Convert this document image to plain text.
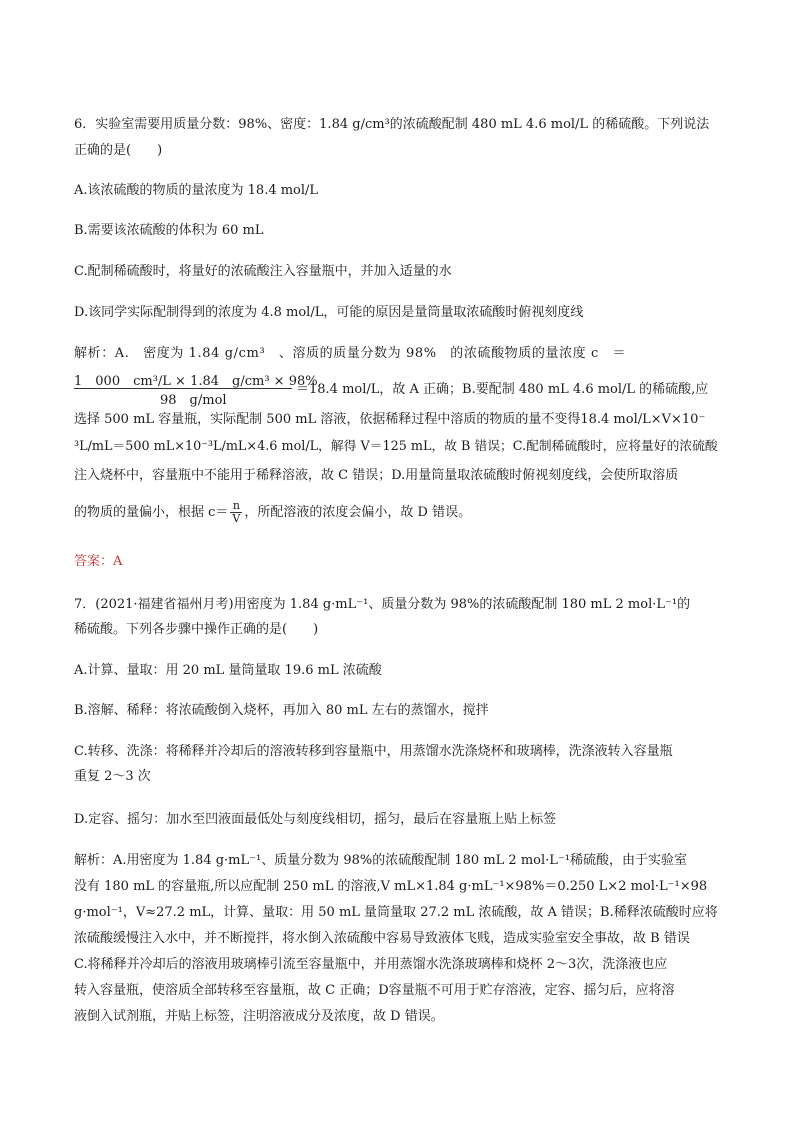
6．实验室需要用质量分数：98%、密度：1.84 g/cm³的浓硫酸配制 480 mL 4.6 mol/L 的稀硫酸。下列说法
正确的是(　　)
A.该浓硫酸的物质的量浓度为 18.4 mol/L
B.需要该浓硫酸的体积为 60 mL
C.配制稀硫酸时，将量好的浓硫酸注入容量瓶中，并加入适量的水
D.该同学实际配制得到的浓度为 4.8 mol/L，可能的原因是量筒量取浓硫酸时俯视刻度线
解析：A.　密度为 1.84 g/cm³　、溶质的质量分数为 98%　的浓硫酸物质的量浓度 c　＝
1　000　cm³/L × 1.84　g/cm³ × 98%
98　g/mol
＝18.4 mol/L，故 A 正确；B.要配制 480 mL 4.6 mol/L 的稀硫酸,应
选择 500 mL 容量瓶，实际配制 500 mL 溶液，依据稀释过程中溶质的物质的量不变得18.4 mol/L×V×10⁻
³L/mL＝500 mL×10⁻³L/mL×4.6 mol/L，解得 V＝125 mL，故 B 错误；C.配制稀硫酸时，应将量好的浓硫酸
注入烧杯中，容量瓶中不能用于稀释溶液，故 C 错误；D.用量筒量取浓硫酸时俯视刻度线，会使所取溶质
的物质的量偏小，根据 $c= \frac{n}{V}$ ，所配溶液的浓度会偏小，故 D 错误。
答案：A
7．(2021·福建省福州月考)用密度为 1.84 g·mL⁻¹、质量分数为 98%的浓硫酸配制 180 mL 2 mol·L⁻¹的
稀硫酸。下列各步骤中操作正确的是(　　)
A.计算、量取：用 20 mL 量筒量取 19.6 mL 浓硫酸
B.溶解、稀释：将浓硫酸倒入烧杯，再加入 80 mL 左右的蒸馏水，搅拌
C.转移、洗涤：将稀释并冷却后的溶液转移到容量瓶中，用蒸馏水洗涤烧杯和玻璃棒，洗涤液转入容量瓶
重复 2～3 次
D.定容、摇匀：加水至凹液面最低处与刻度线相切，摇匀，最后在容量瓶上贴上标签
解析：A.用密度为 1.84 g·mL⁻¹、质量分数为 98%的浓硫酸配制 180 mL 2 mol·L⁻¹稀硫酸，由于实验室
没有 180 mL 的容量瓶,所以应配制 250 mL 的溶液,V mL×1.84 g·mL⁻¹×98%＝0.250 L×2 mol·L⁻¹×98
g·mol⁻¹，V≈27.2 mL，计算、量取：用 50 mL 量筒量取 27.2 mL 浓硫酸，故 A 错误；B.稀释浓硫酸时应将
浓硫酸缓慢注入水中，并不断搅拌，将水倒入浓硫酸中容易导致液体飞贱，造成实验室安全事故，故 B 错误
C.将稀释并冷却后的溶液用玻璃棒引流至容量瓶中，并用蒸馏水洗涤玻璃棒和烧杯 2～3次，洗涤液也应
转入容量瓶，使溶质全部转移至容量瓶，故 C 正确；D容量瓶不可用于贮存溶液，定容、摇匀后，应将溶
液倒入试剂瓶，并贴上标签，注明溶液成分及浓度，故 D 错误。
